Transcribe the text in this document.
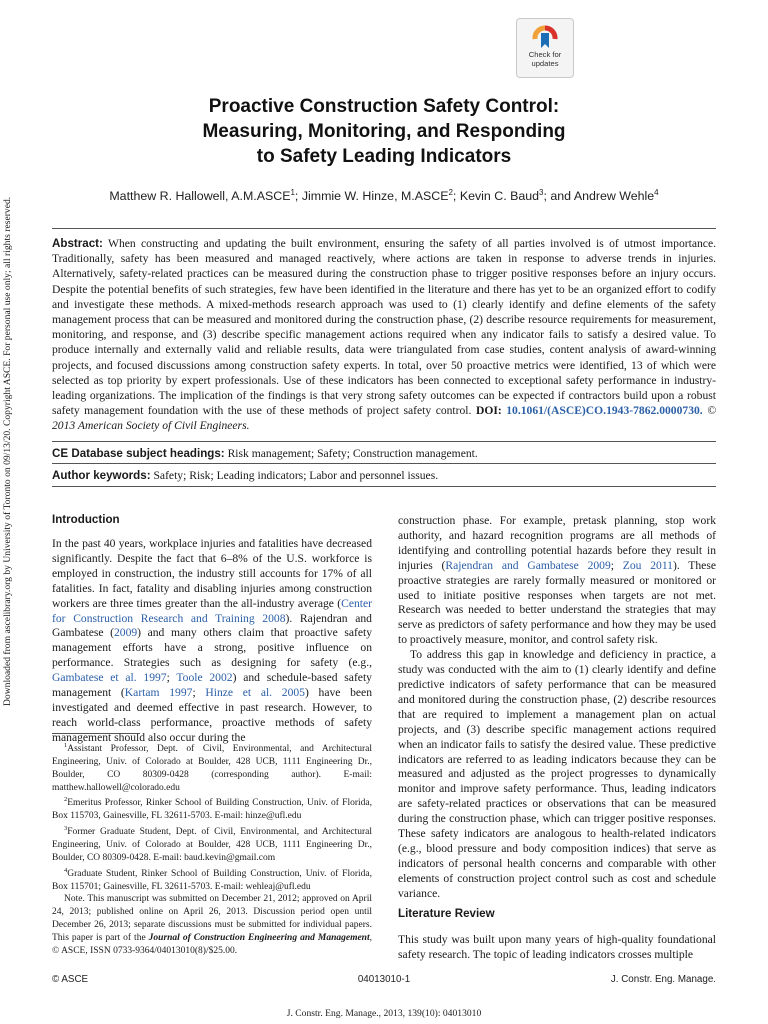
Downloaded from ascelibrary.org by University of Toronto on 09/13/20. Copyright ASCE. For personal use only; all rights reserved.
Check for
updates
Proactive Construction Safety Control:
Measuring, Monitoring, and Responding
to Safety Leading Indicators
Matthew R. Hallowell, A.M.ASCE$^1$; Jimmie W. Hinze, M.ASCE$^2$; Kevin C. Baud$^3$; and Andrew Wehle$^4$
Abstract: When constructing and updating the built environment, ensuring the safety of all parties involved is of utmost importance. Traditionally, safety has been measured and managed reactively, where actions are taken in response to adverse trends in injuries. Alternatively, safety-related practices can be measured during the construction phase to trigger positive responses before an injury occurs. Despite the potential benefits of such strategies, few have been identified in the literature and there has yet to be an organized effort to codify and investigate these methods. A mixed-methods research approach was used to (1) clearly identify and define elements of the safety management process that can be measured and monitored during the construction phase, (2) describe resource requirements for measurement, monitoring, and response, and (3) describe specific management actions required when any indicator fails to satisfy a desired value. To produce internally and externally valid and reliable results, data were triangulated from case studies, content analysis of award-winning projects, and focused discussions among construction safety experts. In total, over 50 proactive metrics were identified, 13 of which were selected as top priority by expert professionals. Use of these indicators has been connected to exceptional safety performance in industry-leading organizations. The implication of the findings is that very strong safety outcomes can be expected if contractors build upon a robust safety management foundation with the use of these methods of project safety control. DOI: 10.1061/(ASCE)CO.1943-7862.0000730. © 2013 American Society of Civil Engineers.
CE Database subject headings: Risk management; Safety; Construction management.
Author keywords: Safety; Risk; Leading indicators; Labor and personnel issues.
Introduction

In the past 40 years, workplace injuries and fatalities have decreased significantly. Despite the fact that 6–8% of the U.S. workforce is employed in construction, the industry still accounts for 17% of all fatalities. In fact, fatality and disabling injuries among construction workers are three times greater than the all-industry average (Center for Construction Research and Training 2008). Rajendran and Gambatese (2009) and many others claim that proactive safety management efforts have a strong, positive influence on performance. Strategies such as designing for safety (e.g., Gambatese et al. 1997; Toole 2002) and schedule-based safety management (Kartam 1997; Hinze et al. 2005) have been investigated and deemed effective in past research. However, to reach world-class performance, proactive methods of safety management should also occur during the

$^1$Assistant Professor, Dept. of Civil, Environmental, and Architectural Engineering, Univ. of Colorado at Boulder, 428 UCB, 1111 Engineering Dr., Boulder, CO 80309-0428 (corresponding author). E-mail: matthew.hallowell@colorado.edu

$^2$Emeritus Professor, Rinker School of Building Construction, Univ. of Florida, Box 115703, Gainesville, FL 32611-5703. E-mail: hinze@ufl.edu

$^3$Former Graduate Student, Dept. of Civil, Environmental, and Architectural Engineering, Univ. of Colorado at Boulder, 428 UCB, 1111 Engineering Dr., Boulder, CO 80309-0428. E-mail: baud.kevin@gmail.com

$^4$Graduate Student, Rinker School of Building Construction, Univ. of Florida, Box 115701; Gainesville, FL 32611-5703. E-mail: wehleaj@ufl.edu

Note. This manuscript was submitted on December 21, 2012; approved on April 24, 2013; published online on April 26, 2013. Discussion period open until December 26, 2013; separate discussions must be submitted for individual papers. This paper is part of the Journal of Construction Engineering and Management, © ASCE, ISSN 0733-9364/04013010(8)/$25.00.

construction phase. For example, pretask planning, stop work authority, and hazard recognition programs are all methods of identifying and controlling potential hazards before they result in injuries (Rajendran and Gambatese 2009; Zou 2011). These proactive strategies are rarely formally measured or monitored or used to initiate positive responses when targets are not met. Research was needed to better understand the strategies that may serve as predictors of safety performance and how they may be used to proactively measure, monitor, and control safety risk.

To address this gap in knowledge and deficiency in practice, a study was conducted with the aim to (1) clearly identify and define predictive indicators of safety performance that can be measured and monitored during the construction phase, (2) describe resources that are required to implement a management plan on actual projects, and (3) describe specific management actions required when an indicator fails to satisfy the desired value. These predictive indicators are referred to as leading indicators because they can be measured and adjusted as the project progresses to dynamically monitor and improve safety performance. Thus, leading indicators are safety-related practices or observations that can be measured during the construction phase, which can trigger positive responses. These safety indicators are analogous to health-related indicators (e.g., blood pressure and body composition indices) that serve as indicators of personal health concerns and comparable with other elements of construction project control such as cost and schedule variance.

Literature Review
This study was built upon many years of high-quality foundational safety research. The topic of leading indicators crosses multiple
© ASCE	04013010-1	J. Constr. Eng. Manage.
J. Constr. Eng. Manage., 2013, 139(10): 04013010
